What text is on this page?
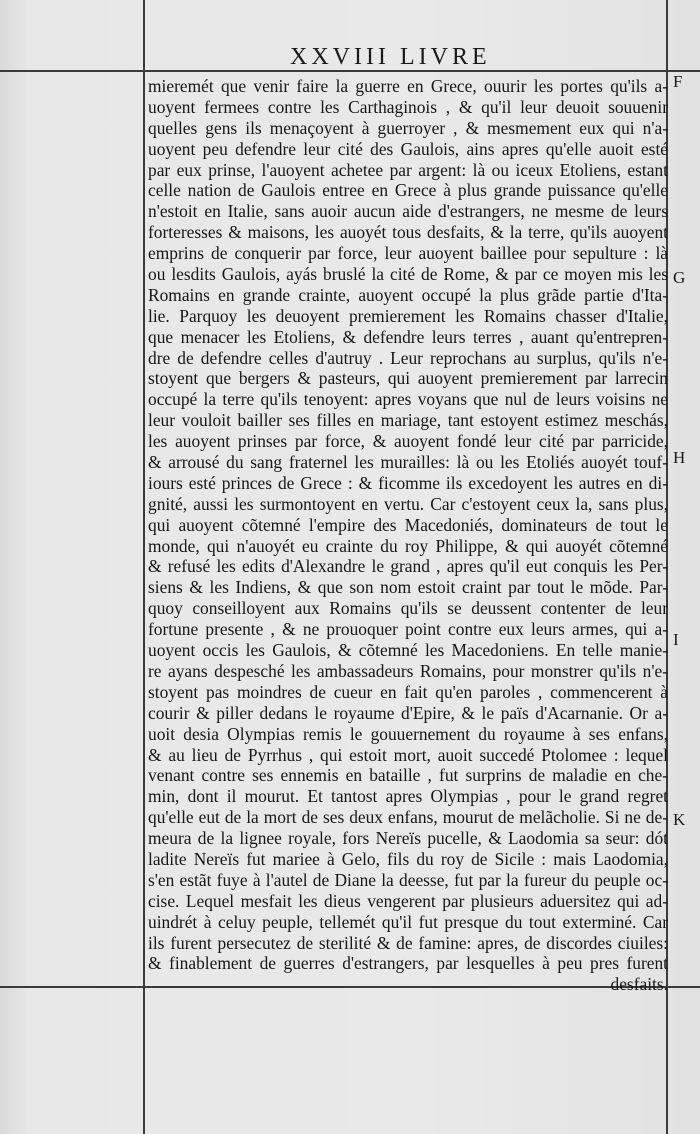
XXVIII LIVRE
F
G
H
I
K
mieremét que venir faire la guerre en Grece, ouurir les portes qu'ils a-
uoyent fermees contre les Carthaginois , & qu'il leur deuoit souuenir
quelles gens ils menaçoyent à guerroyer , & mesmement eux qui n'a-
uoyent peu defendre leur cité des Gaulois, ains apres qu'elle auoit esté
par eux prinse, l'auoyent achetee par argent: là ou iceux Etoliens, estant
celle nation de Gaulois entree en Grece à plus grande puissance qu'elle
n'estoit en Italie, sans auoir aucun aide d'estrangers, ne mesme de leurs
forteresses & maisons, les auoyét tous desfaits, & la terre, qu'ils auoyent
emprins de conquerir par force, leur auoyent baillee pour sepulture : là
ou lesdits Gaulois, ayás bruslé la cité de Rome, & par ce moyen mis les
Romains en grande crainte, auoyent occupé la plus grãde partie d'Ita-
lie. Parquoy les deuoyent premierement les Romains chasser d'Italie,
que menacer les Etoliens, & defendre leurs terres , auant qu'entrepren-
dre de defendre celles d'autruy . Leur reprochans au surplus, qu'ils n'e-
stoyent que bergers & pasteurs, qui auoyent premierement par larrecin
occupé la terre qu'ils tenoyent: apres voyans que nul de leurs voisins ne
leur vouloit bailler ses filles en mariage, tant estoyent estimez meschás,
les auoyent prinses par force, & auoyent fondé leur cité par parricide,
& arrousé du sang fraternel les murailles: là ou les Etoliés auoyét touf-
iours esté princes de Grece : & ficomme ils excedoyent les autres en di-
gnité, aussi les surmontoyent en vertu. Car c'estoyent ceux la, sans plus,
qui auoyent cõtemné l'empire des Macedoniés, dominateurs de tout le
monde, qui n'auoyét eu crainte du roy Philippe, & qui auoyét cõtemné
& refusé les edits d'Alexandre le grand , apres qu'il eut conquis les Per-
siens & les Indiens, & que son nom estoit craint par tout le mõde. Par-
quoy conseilloyent aux Romains qu'ils se deussent contenter de leur
fortune presente , & ne prouoquer point contre eux leurs armes, qui a-
uoyent occis les Gaulois, & cõtemné les Macedoniens. En telle manie-
re ayans despesché les ambassadeurs Romains, pour monstrer qu'ils n'e-
stoyent pas moindres de cueur en fait qu'en paroles , commencerent à
courir & piller dedans le royaume d'Epire, & le païs d'Acarnanie. Or a-
uoit desia Olympias remis le gouuernement du royaume à ses enfans,
& au lieu de Pyrrhus , qui estoit mort, auoit succedé Ptolomee : lequel
venant contre ses ennemis en bataille , fut surprins de maladie en che-
min, dont il mourut. Et tantost apres Olympias , pour le grand regret
qu'elle eut de la mort de ses deux enfans, mourut de melãcholie. Si ne de-
meura de la lignee royale, fors Nereïs pucelle, & Laodomia sa seur: dót
ladite Nereïs fut mariee à Gelo, fils du roy de Sicile : mais Laodomia,
s'en estãt fuye à l'autel de Diane la deesse, fut par la fureur du peuple oc-
cise. Lequel mesfait les dieus vengerent par plusieurs aduersitez qui ad-
uindrét à celuy peuple, tellemét qu'il fut presque du tout exterminé. Car
ils furent persecutez de sterilité & de famine: apres, de discordes ciuiles:
& finablement de guerres d'estrangers, par lesquelles à peu pres furent
desfaits.
